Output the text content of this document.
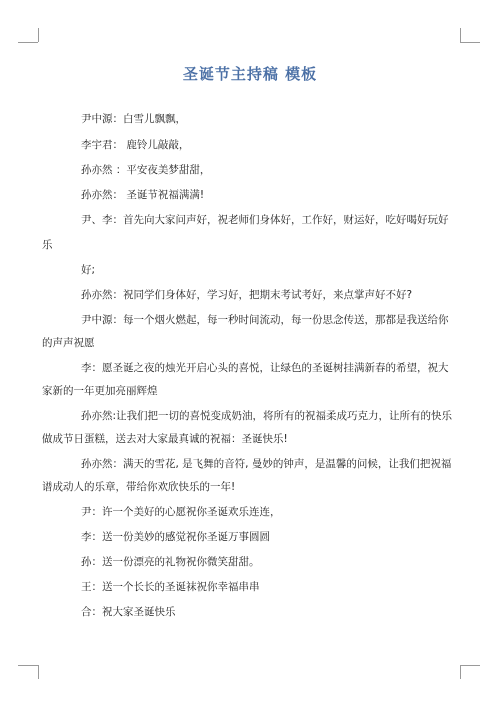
圣诞节主持稿 模板
尹中源：白雪儿飘飘，
李宇君： 鹿铃儿敲敲，
孙亦然 ：平安夜美梦甜甜，
孙亦然： 圣诞节祝福满满!
尹、李：首先向大家问声好，祝老师们身体好，工作好，财运好，吃好喝好玩好
乐
好;
孙亦然：祝同学们身体好，学习好，把期末考试考好，来点掌声好不好?
尹中源：每一个烟火燃起，每一秒时间流动，每一份思念传送，那都是我送给你
的声声祝愿
李：愿圣诞之夜的烛光开启心头的喜悦，让绿色的圣诞树挂满新春的希望，祝大
家新的一年更加亮丽辉煌
孙亦然:让我们把一切的喜悦变成奶油，将所有的祝福柔成巧克力，让所有的快乐
做成节日蛋糕，送去对大家最真诚的祝福：圣诞快乐!
孙亦然：满天的雪花, 是飞舞的音符, 曼妙的钟声，是温馨的问候，让我们把祝福
谱成动人的乐章，带给你欢欣快乐的一年!
尹：许一个美好的心愿祝你圣诞欢乐连连，
李：送一份美妙的感觉祝你圣诞万事圆圆
孙：送一份漂亮的礼物祝你微笑甜甜。
王：送一个长长的圣诞袜祝你幸福串串
合：祝大家圣诞快乐
